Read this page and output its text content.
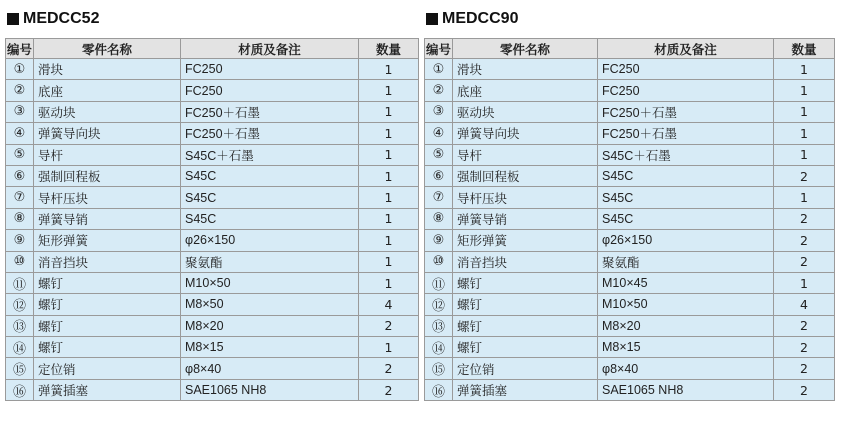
MEDCC52
编号	零件名称	材质及备注	数量
①	滑块	FC250	1
②	底座	FC250	1
③	驱动块	FC250＋石墨	1
④	弹簧导向块	FC250＋石墨	1
⑤	导杆	S45C＋石墨	1
⑥	强制回程板	S45C	1
⑦	导杆压块	S45C	1
⑧	弹簧导销	S45C	1
⑨	矩形弹簧	φ26×150	1
⑩	消音挡块	聚氨酯	1
⑪	螺钉	M10×50	1
⑫	螺钉	M8×50	4
⑬	螺钉	M8×20	2
⑭	螺钉	M8×15	1
⑮	定位销	φ8×40	2
⑯	弹簧插塞	SAE1065 NH8	2
MEDCC90
编号	零件名称	材质及备注	数量
①	滑块	FC250	1
②	底座	FC250	1
③	驱动块	FC250＋石墨	1
④	弹簧导向块	FC250＋石墨	1
⑤	导杆	S45C＋石墨	1
⑥	强制回程板	S45C	2
⑦	导杆压块	S45C	1
⑧	弹簧导销	S45C	2
⑨	矩形弹簧	φ26×150	2
⑩	消音挡块	聚氨酯	2
⑪	螺钉	M10×45	1
⑫	螺钉	M10×50	4
⑬	螺钉	M8×20	2
⑭	螺钉	M8×15	2
⑮	定位销	φ8×40	2
⑯	弹簧插塞	SAE1065 NH8	2
